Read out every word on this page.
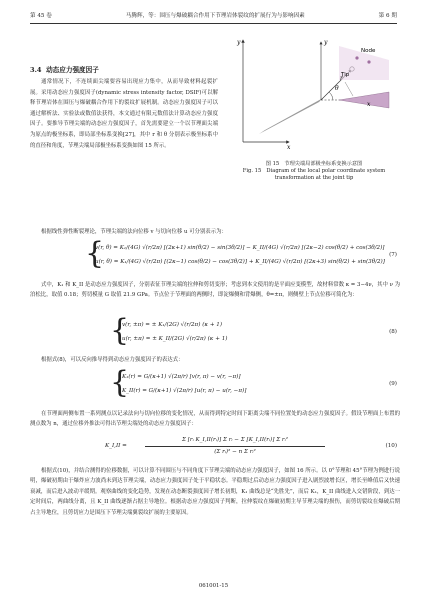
第 45 卷	马腾辉，等：围压与爆破耦合作用下节理岩体裂纹的扩展行为与影响因素	第 6 期
3.4 动态应力强度因子

通常情况下，不连续面尖端要容易出现应力集中，从而导致材料起裂扩展。采用动态应力强度因子(dynamic stress intensity factor, DSIF)可以解释节理岩体在围压与爆破耦合作用下的裂纹扩展机制。动态应力强度因子可以通过解析法、实验法或数值法获得，本文通过有限元数值法计算动态应力强度因子。要推导节理尖端的动态应力强度因子，首先需要建立一个以节理面尖端为原点的极坐标系，即局部坐标系变换[27]，其中 r 和 θ 分别表示极坐标系中的直径和角度，节理尖端局部极坐标系变换如图 15 所示。

y
x
y
x
θ
r
Node
Tip
图 15　节理尖端局部极坐标系变换示意图
Fig. 15　Diagram of the local polar coordinate system transformation at the joint tip

根据线性弹性断裂理论，节理尖端的法向位移 v 与切向位移 u 可分别表示为：

{
v(r, θ) = K₁/(4G) √(r/2π) [(2κ+1) sin(θ/2) − sin(3θ/2)] − K_II/(4G) √(r/2π) [(2κ−2) cos(θ/2) + cos(3θ/2)]
u(r, θ) = K₁/(4G) √(r/2π) [(2κ−1) cos(θ/2) − cos(3θ/2)] + K_II/(4G) √(r/2π) [(2κ+3) sin(θ/2) + sin(3θ/2)]
(7)

式中，K₁ 和 K_II 是动态应力强度因子，分别表征节理尖端的拉伸和剪切变形；考虑到本文使用的是平面应变模型，故材料常数 κ = 3−4ν，其中 ν 为泊松比，取值 0.18；剪切模量 G 取值 21.9 GPa。节点位于节理面的两侧时，即淀爆侧和背爆侧，θ=±π，则侧壁上节点位移可简化为：

{
v(r, ±π) = ± K₁/(2G) √(r/2π) (κ + 1)
u(r, ±π) = ± K_II/(2G) √(r/2π) (κ + 1)
(8)

根据式(8)，可以反向推导得到动态应力强度因子的表达式：

{
K₁(r) = G/(κ+1) √(2π/r) [v(r, π) − v(r, −π)]
K_II(r) = G/(κ+1) √(2π/r) [u(r, π) − u(r, −π)]
(9)

在节理面两侧布置一系列测点以记录法向与切向位移的变化情况，从而得到特定时间下距离尖端不同位置处的动态应力强度因子。假设节理面上布置的测点数为 n，通过位移外推法可得出节理尖端处的动态应力强度因子：

K_I,II =
Σ [rᵢ K_I,II(rᵢ)] Σ rᵢ − Σ [K_I,II(rᵢ)] Σ rᵢ²
(Σ rᵢ)² − n Σ rᵢ²
(10)

根据式(10)，并结合测得的位移数据，可以计算不同围压与不同角度下节理尖端的动态应力强度因子，如图 16 所示。以 0°节理和 45°节理为例进行说明，爆破初期由于爆炸应力波尚未到达节理尖端，动态应力强度因子处于平稳状态。平稳期过后动态应力强度因子进入剧烈波增长区，增长至峰值后又快速衰减，而后进入波动平缓期。观察曲线的变化趋势，发现在动态断裂强度因子增长初期，K₁ 曲线总是“先胜先”，而后 K₁，K_II 曲线进入交错阶段，到达一定时间后，两曲线分离，且 K_II 曲线逐渐占据主导地位。根据动态应力强度因子判断，拉伸裂纹在爆破初期主导节理尖端的损伤，而剪切裂纹在爆破后期占主导地位，且剪切应力是围压下节理尖端翼裂纹扩展的主要原因。

061001-15
